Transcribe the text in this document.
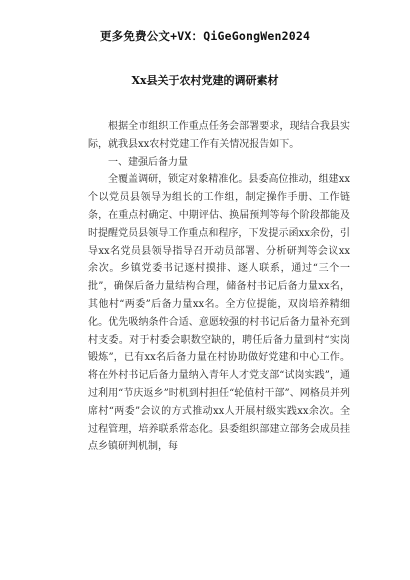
更多免费公文+VX：QiGeGongWen2024
Xx县关于农村党建的调研素材

根据全市组织工作重点任务会部署要求，现结合我县实际，就我县xx农村党建工作有关情况报告如下。

一、建强后备力量

全覆盖调研，锁定对象精准化。县委高位推动，组建xx个以党员县领导为组长的工作组，制定操作手册、工作链条，在重点村确定、中期评估、换届预判等每个阶段都能及时提醒党员县领导工作重点和程序，下发提示函xx余份，引导xx名党员县领导指导召开动员部署、分析研判等会议xx余次。乡镇党委书记逐村摸排、逐人联系，通过“三个一批”，确保后备力量结构合理，储备村书记后备力量xx名，其他村“两委”后备力量xx名。全方位提能，双岗培养精细化。优先吸纳条件合适、意愿较强的村书记后备力量补充到村支委。对于村委会职数空缺的，聘任后备力量到村“实岗锻炼”，已有xx名后备力量在村协助做好党建和中心工作。将在外村书记后备力量纳入青年人才党支部“试岗实践”，通过利用“节庆返乡”时机到村担任“轮值村干部”、网格员并列席村“两委”会议的方式推动xx人开展村级实践xx余次。全过程管理，培养联系常态化。县委组织部建立部务会成员挂点乡镇研判机制，每
